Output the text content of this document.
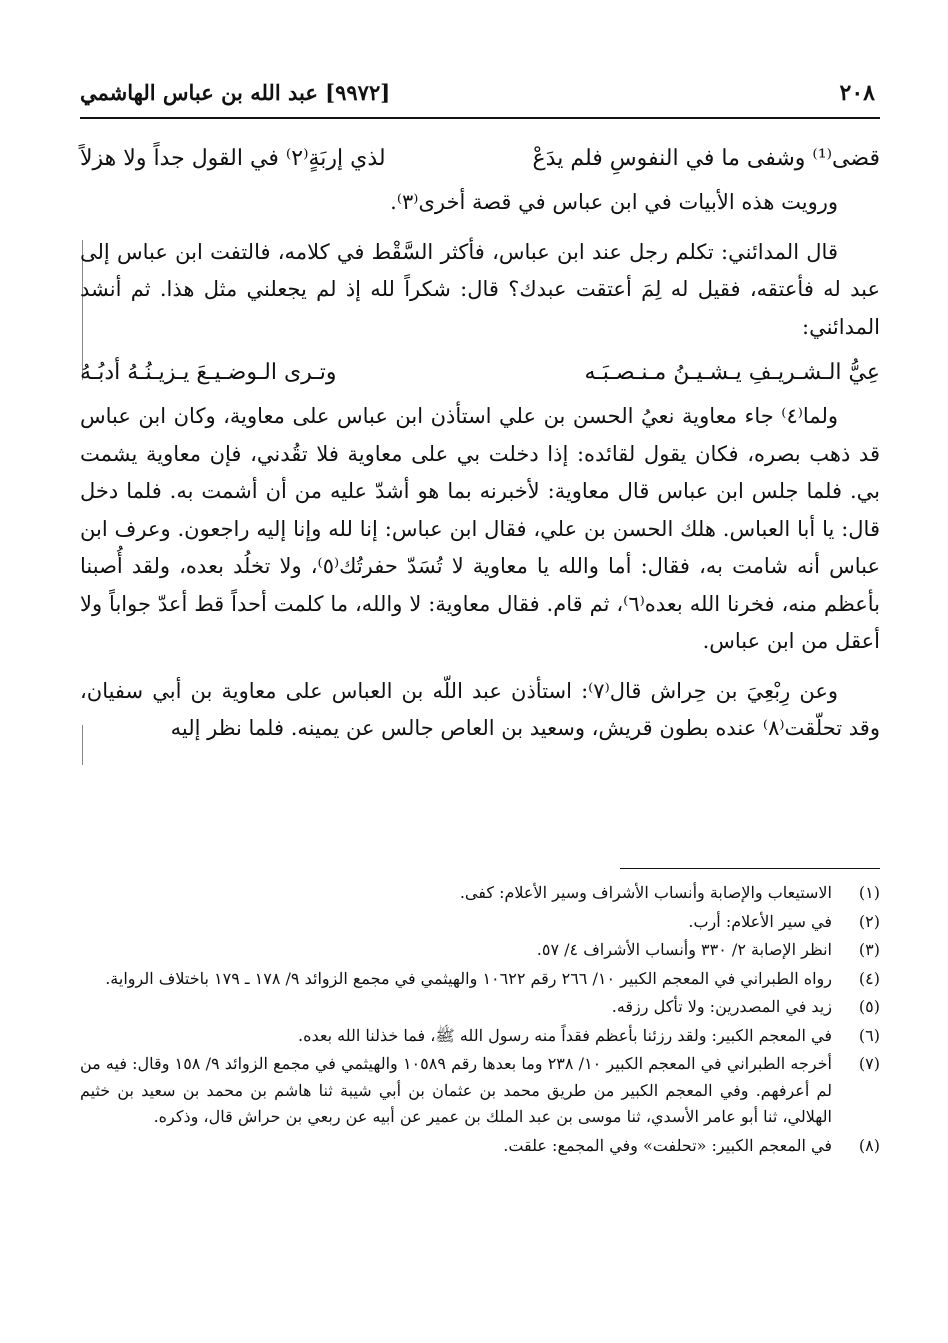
٢٠٨
[٩٩٧٢] عبد الله بن عباس الهاشمي
قضى⁽¹⁾ وشفى ما في النفوسِ فلم يدَعْ
لذي إربَةٍ⁽٢⁾ في القول جداً ولا هزلاً

ورويت هذه الأبيات في ابن عباس في قصة أخرى⁽٣⁾.

قال المدائني: تكلم رجل عند ابن عباس، فأكثر السَّقْط في كلامه، فالتفت ابن عباس إلى عبد له فأعتقه، فقيل له لِمَ أعتقت عبدك؟ قال: شكراً لله إذ لم يجعلني مثل هذا. ثم أنشد المدائني:

عِيُّ الـشـريـفِ يـشـيـنُ مـنـصـبَـه
وتـرى الـوضـيـعَ يـزيـنُـهُ أدبُـهُ

ولما⁽٤⁾ جاء معاوية نعيُ الحسن بن علي استأذن ابن عباس على معاوية، وكان ابن عباس قد ذهب بصره، فكان يقول لقائده: إذا دخلت بي على معاوية فلا تقُدني، فإن معاوية يشمت بي. فلما جلس ابن عباس قال معاوية: لأخبرنه بما هو أشدّ عليه من أن أشمت به. فلما دخل قال: يا أبا العباس. هلك الحسن بن علي، فقال ابن عباس: إنا لله وإنا إليه راجعون. وعرف ابن عباس أنه شامت به، فقال: أما والله يا معاوية لا تُسَدّ حفرتُك⁽٥⁾، ولا تخلُد بعده، ولقد أُصبنا بأعظم منه، فخرنا الله بعده⁽٦⁾، ثم قام. فقال معاوية: لا والله، ما كلمت أحداً قط أعدّ جواباً ولا أعقل من ابن عباس.

وعن رِبْعِيَ بن حِراش قال⁽٧⁾: استأذن عبد اللّه بن العباس على معاوية بن أبي سفيان، وقد تحلّقت⁽٨⁾ عنده بطون قريش، وسعيد بن العاص جالس عن يمينه. فلما نظر إليه

(١)
الاستيعاب والإصابة وأنساب الأشراف وسير الأعلام: كفى.
(٢)
في سير الأعلام: أرب.
(٣)
انظر الإصابة ٢/ ٣٣٠ وأنساب الأشراف ٤/ ٥٧.
(٤)
رواه الطبراني في المعجم الكبير ١٠/ ٢٦٦ رقم ١٠٦٢٢ والهيثمي في مجمع الزوائد ٩/ ١٧٨ ـ ١٧٩ باختلاف الرواية.
(٥)
زيد في المصدرين: ولا تأكل رزقه.
(٦)
في المعجم الكبير: ولقد رزئنا بأعظم فقداً منه رسول الله ﷺ، فما خذلنا الله بعده.
(٧)
أخرجه الطبراني في المعجم الكبير ١٠/ ٢٣٨ وما بعدها رقم ١٠٥٨٩ والهيثمي في مجمع الزوائد ٩/ ١٥٨ وقال: فيه من لم أعرفهم. وفي المعجم الكبير من طريق محمد بن عثمان بن أبي شيبة ثنا هاشم بن محمد بن سعيد بن خثيم الهلالي، ثنا أبو عامر الأسدي، ثنا موسى بن عبد الملك بن عمير عن أبيه عن ربعي بن حراش قال، وذكره.
(٨)
في المعجم الكبير: «تحلفت» وفي المجمع: علقت.
